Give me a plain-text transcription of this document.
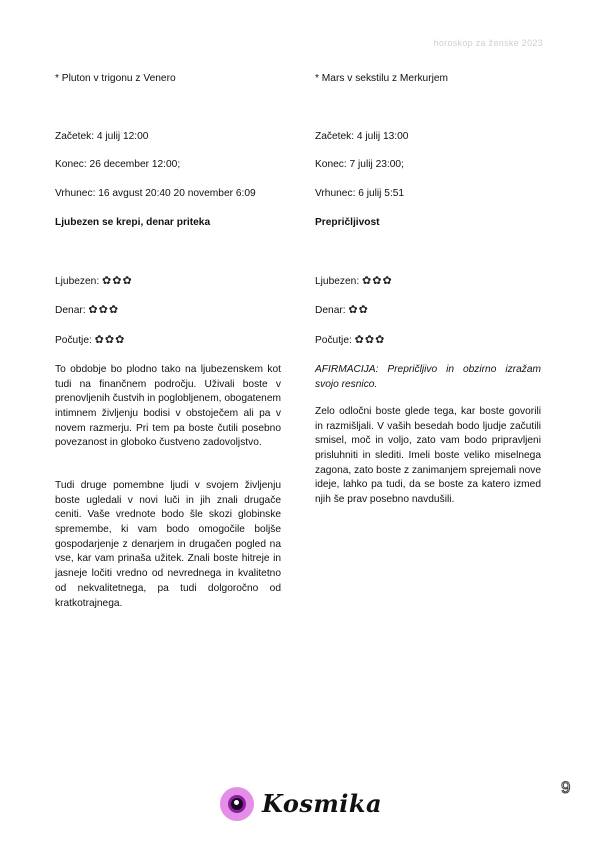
horoskop za ženske 2023
* Pluton v trigonu z Venero
Začetek: 4 julij 12:00
Konec: 26 december 12:00;
Vrhunec: 16 avgust 20:40 20 november 6:09
Ljubezen se krepi, denar priteka
Ljubezen: ✿✿✿
Denar: ✿✿✿
Počutje: ✿✿✿
To obdobje bo plodno tako na ljubezenskem kot tudi na finančnem področju. Uživali boste v prenovljenih čustvih in poglobljenem, obogatenem intimnem življenju bodisi v obstoječem ali pa v novem razmerju. Pri tem pa boste čutili posebno povezanost in globoko čustveno zadovoljstvo.
Tudi druge pomembne ljudi v svojem življenju boste ugledali v novi luči in jih znali drugače ceniti. Vaše vrednote bodo šle skozi globinske spremembe, ki vam bodo omogočile boljše gospodarjenje z denarjem in drugačen pogled na vse, kar vam prinaša užitek. Znali boste hitreje in jasneje ločiti vredno od nevrednega in kvalitetno od nekvalitetnega, pa tudi dolgoročno od kratkotrajnega.
* Mars v sekstilu z Merkurjem
Začetek: 4 julij 13:00
Konec: 7 julij 23:00;
Vrhunec: 6 julij 5:51
Prepričljivost
Ljubezen: ✿✿✿
Denar: ✿✿
Počutje: ✿✿✿
AFIRMACIJA: Prepričljivo in obzirno izražam svojo resnico.
Zelo odločni boste glede tega, kar boste govorili in razmišljali. V vaših besedah bodo ljudje začutili smisel, moč in voljo, zato vam bodo pripravljeni prisluhniti in slediti. Imeli boste veliko miselnega zagona, zato boste z zanimanjem sprejemali nove ideje, lahko pa tudi, da se boste za katero izmed njih še prav posebno navdušili.
Kosmika
9
